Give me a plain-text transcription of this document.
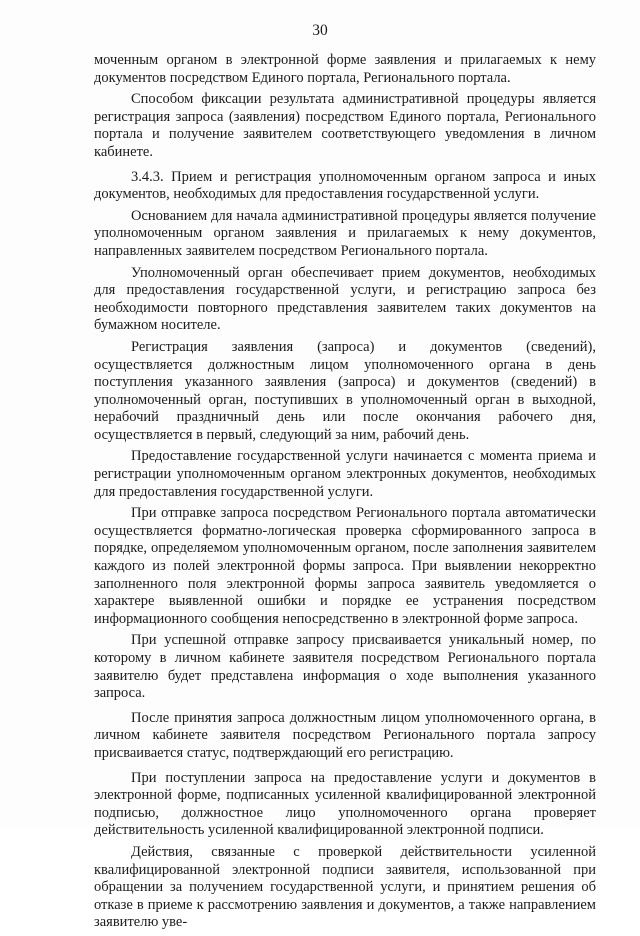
30

моченным органом в электронной форме заявления и прилагаемых к нему документов посредством Единого портала, Регионального портала.

Способом фиксации результата административной процедуры является регистрация запроса (заявления) посредством Единого портала, Регионального портала и получение заявителем соответствующего уведомления в личном кабинете.

3.4.3. Прием и регистрация уполномоченным органом запроса и иных документов, необходимых для предоставления государственной услуги.

Основанием для начала административной процедуры является получение уполномоченным органом заявления и прилагаемых к нему документов, направленных заявителем посредством Регионального портала.

Уполномоченный орган обеспечивает прием документов, необходимых для предоставления государственной услуги, и регистрацию запроса без необходимости повторного представления заявителем таких документов на бумажном носителе.

Регистрация заявления (запроса) и документов (сведений), осуществляется должностным лицом уполномоченного органа в день поступления указанного заявления (запроса) и документов (сведений) в уполномоченный орган, поступивших в уполномоченный орган в выходной, нерабочий праздничный день или после окончания рабочего дня, осуществляется в первый, следующий за ним, рабочий день.

Предоставление государственной услуги начинается с момента приема и регистрации уполномоченным органом электронных документов, необходимых для предоставления государственной услуги.

При отправке запроса посредством Регионального портала автоматически осуществляется форматно-логическая проверка сформированного запроса в порядке, определяемом уполномоченным органом, после заполнения заявителем каждого из полей электронной формы запроса. При выявлении некорректно заполненного поля электронной формы запроса заявитель уведомляется о характере выявленной ошибки и порядке ее устранения посредством информационного сообщения непосредственно в электронной форме запроса.

При успешной отправке запросу присваивается уникальный номер, по которому в личном кабинете заявителя посредством Регионального портала заявителю будет представлена информация о ходе выполнения указанного запроса.

После принятия запроса должностным лицом уполномоченного органа, в личном кабинете заявителя посредством Регионального портала запросу присваивается статус, подтверждающий его регистрацию.

При поступлении запроса на предоставление услуги и документов в электронной форме, подписанных усиленной квалифицированной электронной подписью, должностное лицо уполномоченного органа проверяет действительность усиленной квалифицированной электронной подписи.

Действия, связанные с проверкой действительности усиленной квалифицированной электронной подписи заявителя, использованной при обращении за получением государственной услуги, и принятием решения об отказе в приеме к рассмотрению заявления и документов, а также направлением заявителю уве-
